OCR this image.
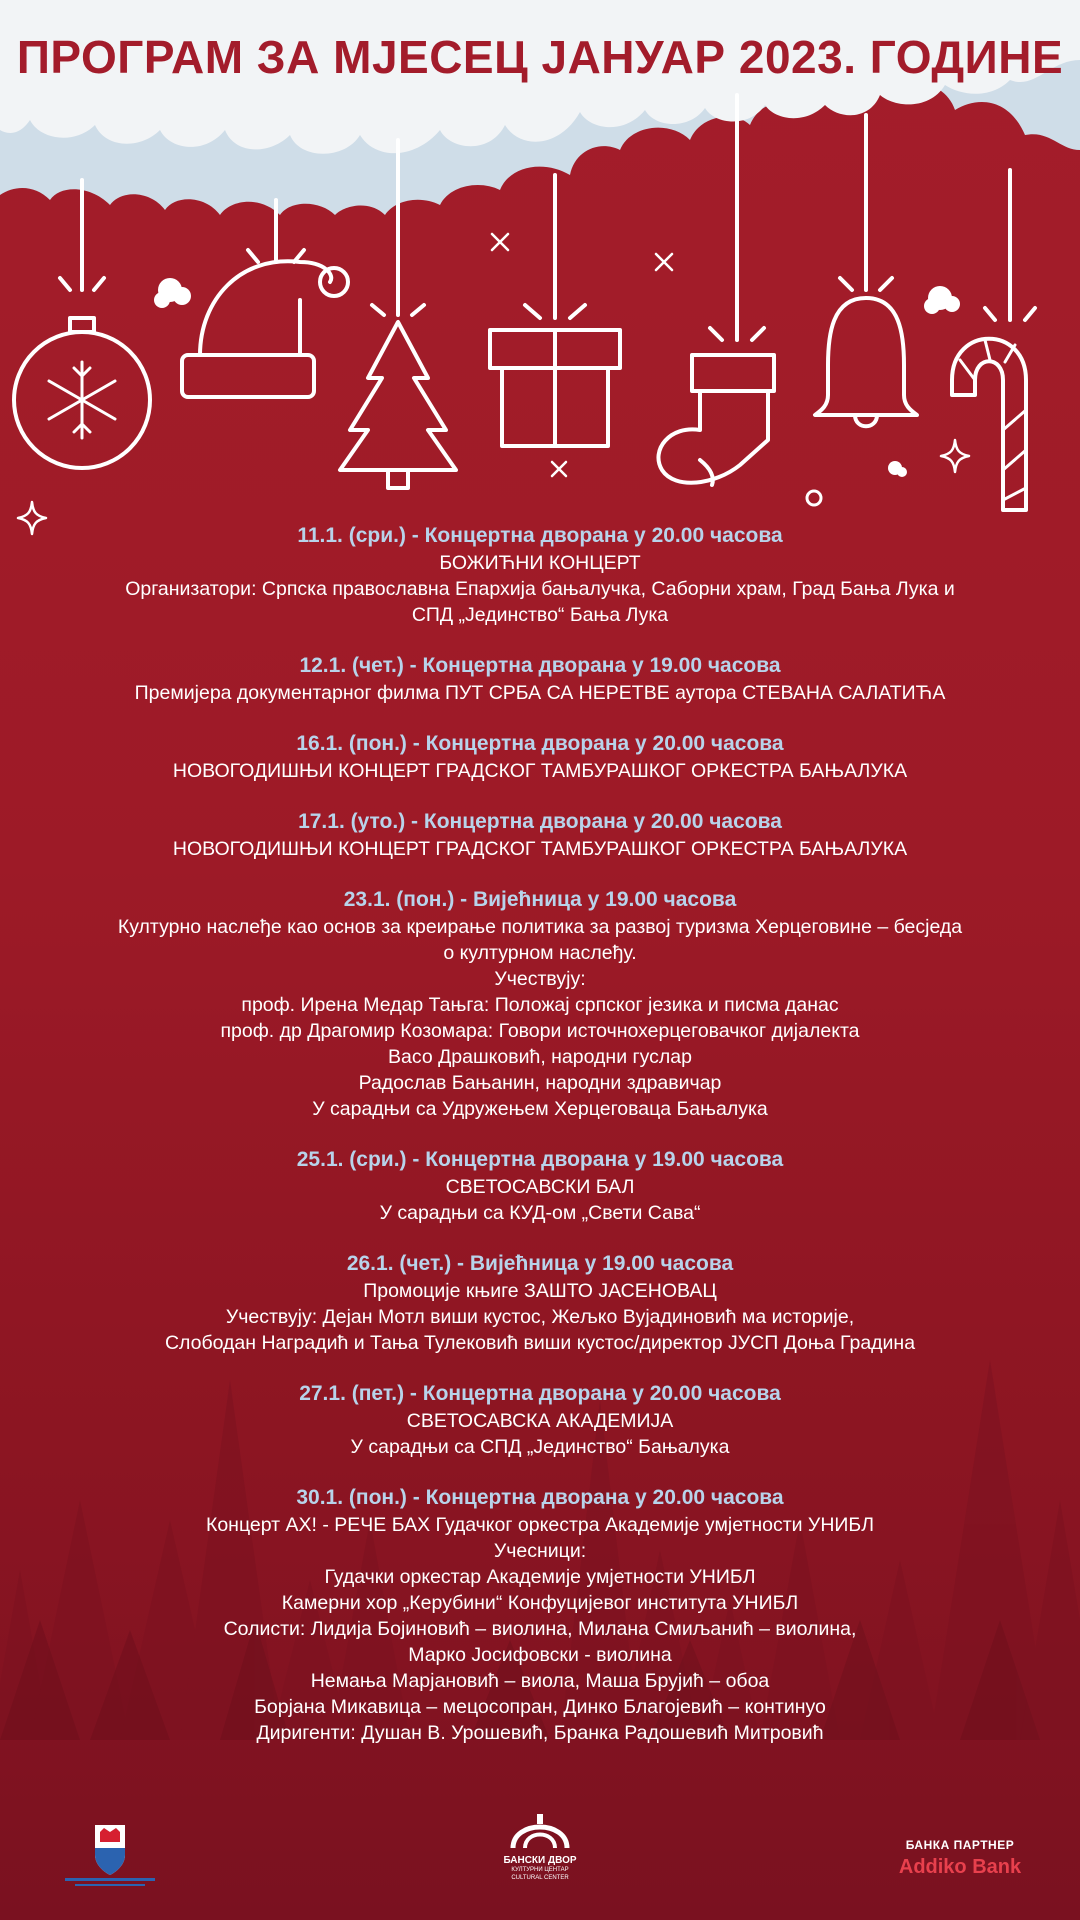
ПРОГРАМ ЗА МЈЕСЕЦ ЈАНУАР 2023. ГОДИНЕ
11.1. (сри.) - Концертна дворана у 20.00 часова
БОЖИЋНИ КОНЦЕРТ
Организатори: Српска православна Епархија бањалучка, Саборни храм, Град Бања Лука и
СПД „Јединство“ Бања Лука
12.1. (чет.) - Концертна дворана у 19.00 часова
Премијера документарног филма ПУТ СРБА СА НЕРЕТВЕ аутора СТЕВАНА САЛАТИЋА
16.1. (пон.) - Концертна дворана у 20.00 часова
НОВОГОДИШЊИ КОНЦЕРТ ГРАДСКОГ ТАМБУРАШКОГ ОРКЕСТРА БАЊАЛУКА
17.1. (уто.) - Концертна дворана у 20.00 часова
НОВОГОДИШЊИ КОНЦЕРТ ГРАДСКОГ ТАМБУРАШКОГ ОРКЕСТРА БАЊАЛУКА
23.1. (пон.) - Вијећница у 19.00 часова
Културно наслеђе као основ за креирање политика за развој туризма Херцеговине – бесједа
о културном наслеђу.
Учествују:
проф. Ирена Медар Тањга: Положај српског језика и писма данас
проф. др Драгомир Козомара: Говори источнохерцеговачког дијалекта
Васо Драшковић, народни гуслар
Радослав Бањанин, народни здравичар
У сарадњи са Удружењем Херцеговаца Бањалука
25.1. (сри.) - Концертна дворана у 19.00 часова
СВЕТОСАВСКИ БАЛ
У сарадњи са КУД-ом „Свети Сава“
26.1. (чет.) - Вијећница у 19.00 часова
Промоције књиге ЗАШТО ЈАСЕНОВАЦ
Учествују: Дејан Мотл виши кустос, Жељко Вујадиновић ма историје,
Слободан Наградић и Тања Тулековић виши кустос/директор ЈУСП Доња Градина
27.1. (пет.) - Концертна дворана у 20.00 часова
СВЕТОСАВСКА АКАДЕМИЈА
У сарадњи са СПД „Јединство“ Бањалука
30.1. (пон.) - Концертна дворана у 20.00 часова
Концерт АХ! - РЕЧЕ БАХ Гудачког оркестра Академије умјетности УНИБЛ
Учесници:
Гудачки оркестар Академије умјетности УНИБЛ
Камерни хор „Керубини“ Конфуцијевог института УНИБЛ
Солисти: Лидија Бојиновић – виолина, Милана Смиљанић – виолина,
Марко Јосифовски - виолина
Немања Марјановић – виола, Маша Брујић – обоа
Борјана Микавица – мецосопран, Динко Благојевић – континуо
Диригенти: Душан В. Урошевић, Бранка Радошевић Митровић
БАНСКИ ДВОР
КУЛТУРНИ ЦЕНТАР
CULTURAL CENTER
БАНКА ПАРТНЕР
Addiko Bank
